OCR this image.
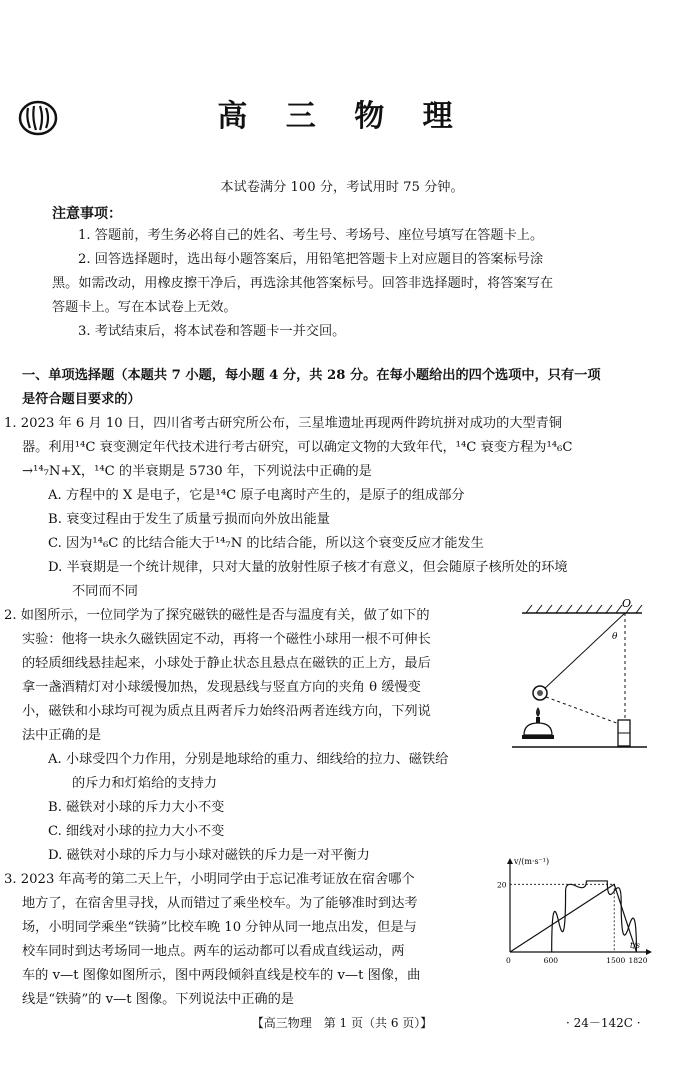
高 三 物 理
本试卷满分 100 分，考试用时 75 分钟。
注意事项：
1. 答题前，考生务必将自己的姓名、考生号、考场号、座位号填写在答题卡上。
2. 回答选择题时，选出每小题答案后，用铅笔把答题卡上对应题目的答案标号涂
黑。如需改动，用橡皮擦干净后，再选涂其他答案标号。回答非选择题时，将答案写在
答题卡上。写在本试卷上无效。
3. 考试结束后，将本试卷和答题卡一并交回。
一、单项选择题（本题共 7 小题，每小题 4 分，共 28 分。在每小题给出的四个选项中，只有一项
是符合题目要求的）
1. 2023 年 6 月 10 日，四川省考古研究所公布，三星堆遗址再现两件跨坑拼对成功的大型青铜
器。利用¹⁴C 衰变测定年代技术进行考古研究，可以确定文物的大致年代，¹⁴C 衰变方程为¹⁴₆C
→¹⁴₇N+X，¹⁴C 的半衰期是 5730 年，下列说法中正确的是
A. 方程中的 X 是电子，它是¹⁴C 原子电离时产生的，是原子的组成部分
B. 衰变过程由于发生了质量亏损而向外放出能量
C. 因为¹⁴₆C 的比结合能大于¹⁴₇N 的比结合能，所以这个衰变反应才能发生
D. 半衰期是一个统计规律，只对大量的放射性原子核才有意义，但会随原子核所处的环境
不同而不同
2. 如图所示，一位同学为了探究磁铁的磁性是否与温度有关，做了如下的
实验：他将一块永久磁铁固定不动，再将一个磁性小球用一根不可伸长
的轻质细线悬挂起来，小球处于静止状态且悬点在磁铁的正上方，最后
拿一盏酒精灯对小球缓慢加热，发现悬线与竖直方向的夹角 θ 缓慢变
小，磁铁和小球均可视为质点且两者斥力始终沿两者连线方向，下列说
法中正确的是
A. 小球受四个力作用，分别是地球给的重力、细线给的拉力、磁铁给
的斥力和灯焰给的支持力
B. 磁铁对小球的斥力大小不变
C. 细线对小球的拉力大小不变
D. 磁铁对小球的斥力与小球对磁铁的斥力是一对平衡力
O
θ
3. 2023 年高考的第二天上午，小明同学由于忘记准考证放在宿舍哪个
地方了，在宿舍里寻找，从而错过了乘坐校车。为了能够准时到达考
场，小明同学乘坐“铁骑”比校车晚 10 分钟从同一地点出发，但是与
校车同时到达考场同一地点。两车的运动都可以看成直线运动，两
车的 v—t 图像如图所示，图中两段倾斜直线是校车的 v—t 图像，曲
线是“铁骑”的 v—t 图像。下列说法中正确的是
v/(m·s⁻¹)
t/s
0	600	1500 1820
20
【高三物理　第 1 页（共 6 页）】	· 24－142C ·
